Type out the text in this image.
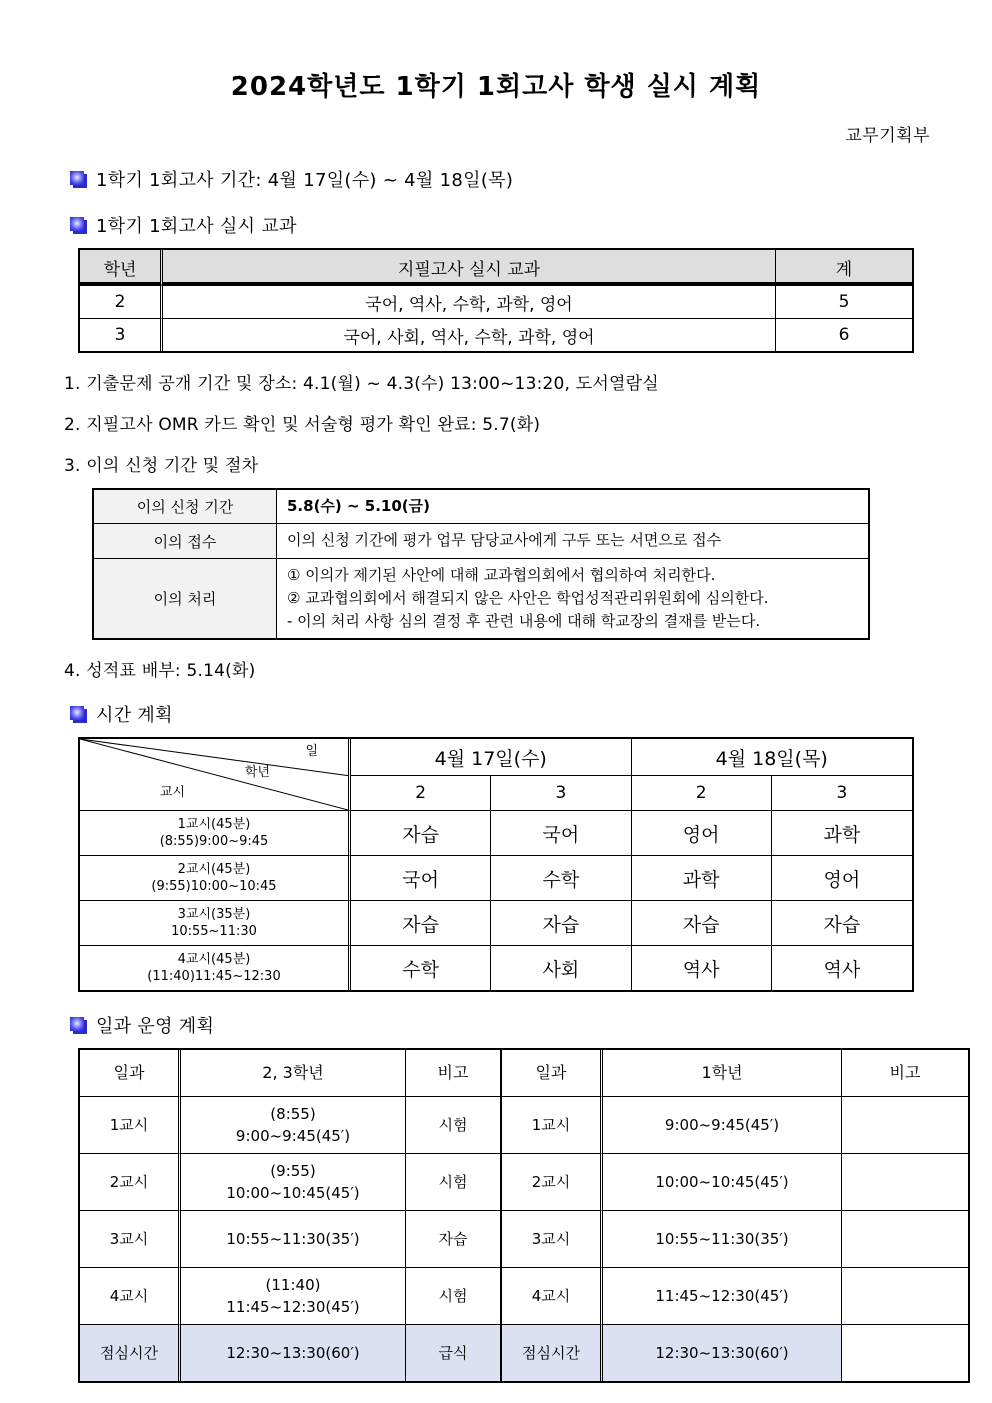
2024학년도 1학기 1회고사 학생 실시 계획
교무기획부
1학기 1회고사 기간: 4월 17일(수) ~ 4월 18일(목)
1학기 1회고사 실시 교과
학년	지필고사 실시 교과	계
2	국어, 역사, 수학, 과학, 영어	5
3	국어, 사회, 역사, 수학, 과학, 영어	6
1. 기출문제 공개 기간 및 장소: 4.1(월) ~ 4.3(수) 13:00~13:20, 도서열람실
2. 지필고사 OMR 카드 확인 및 서술형 평가 확인 완료: 5.7(화)
3. 이의 신청 기간 및 절차
이의 신청 기간	5.8(수) ~ 5.10(금)

이의 접수	이의 신청 기간에 평가 업무 담당교사에게 구두 또는 서면으로 접수

이의 처리	① 이의가 제기된 사안에 대해 교과협의회에서 협의하여 처리한다.
② 교과협의회에서 해결되지 않은 사안은 학업성적관리위원회에 심의한다.
- 이의 처리 사항 심의 결정 후 관련 내용에 대해 학교장의 결재를 받는다.
4. 성적표 배부: 5.14(화)
시간 계획
일
학년
교시	4월 17일(수)		4월 18일(목)	
	2	3	2	3

1교시(45분)
(8:55)9:00~9:45	자습	국어	영어	과학

2교시(45분)
(9:55)10:00~10:45	국어	수학	과학	영어

3교시(35분)
10:55~11:30	자습	자습	자습	자습

4교시(45분)
(11:40)11:45~12:30	수학	사회	역사	역사
일과 운영 계획
일과	2, 3학년	비고	일과	1학년	비고
1교시	(8:55)
9:00~9:45(45′)	시험	1교시	9:00~9:45(45′)	
2교시	(9:55)
10:00~10:45(45′)	시험	2교시	10:00~10:45(45′)	
3교시	10:55~11:30(35′)	자습	3교시	10:55~11:30(35′)	
4교시	(11:40)
11:45~12:30(45′)	시험	4교시	11:45~12:30(45′)	
점심시간	12:30~13:30(60′)	급식	점심시간	12:30~13:30(60′)	
